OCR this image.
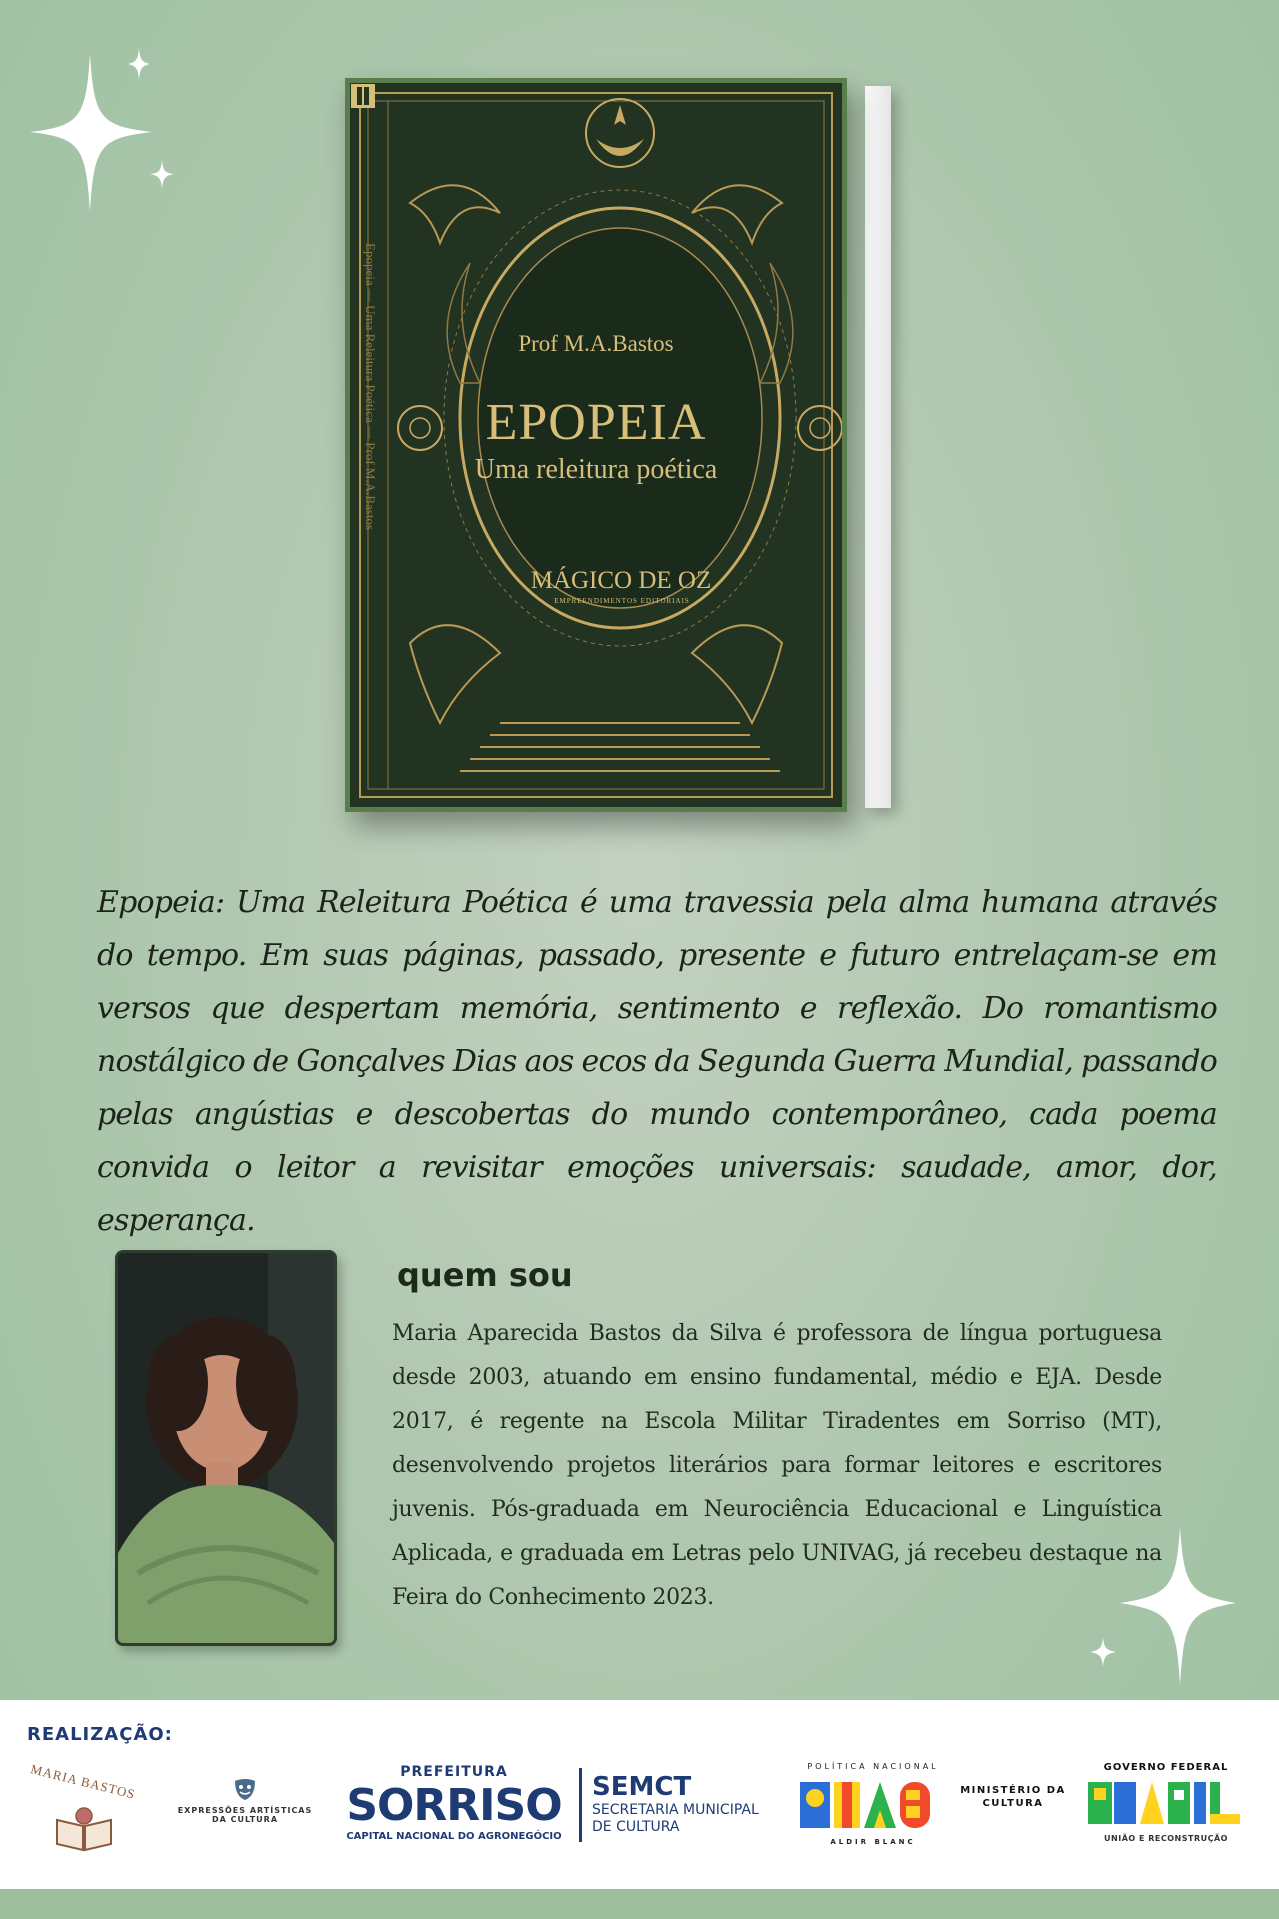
Epopeia — Uma Releitura Poética — Prof M.A.Bastos	Prof M.A.Bastos
EPOPEIA
Uma releitura poética
MÁGICO DE OZ
EMPREENDIMENTOS EDITORIAIS

Epopeia: Uma Releitura Poética é uma travessia pela alma humana através do tempo. Em suas páginas, passado, presente e futuro entrelaçam-se em versos que despertam memória, sentimento e reflexão. Do romantismo nostálgico de Gonçalves Dias aos ecos da Segunda Guerra Mundial, passando pelas angústias e descobertas do mundo contemporâneo, cada poema convida o leitor a revisitar emoções universais: saudade, amor, dor, esperança.

quem sou

Maria Aparecida Bastos da Silva é professora de língua portuguesa desde 2003, atuando em ensino fundamental, médio e EJA. Desde 2017, é regente na Escola Militar Tiradentes em Sorriso (MT), desenvolvendo projetos literários para formar leitores e escritores juvenis. Pós-graduada em Neurociência Educacional e Linguística Aplicada, e graduada em Letras pelo UNIVAG, já recebeu destaque na Feira do Conhecimento 2023.

REALIZAÇÃO:
MARIA BASTOS
EXPRESSÕES ARTÍSTICAS
DA CULTURA
PREFEITURA
SORRISO
CAPITAL NACIONAL DO AGRONEGÓCIO
SEMCT
SECRETARIA MUNICIPAL
DE CULTURA
POLÍTICA NACIONAL
ALDIR BLANC
MINISTÉRIO DA
CULTURA
GOVERNO FEDERAL
UNIÃO E RECONSTRUÇÃO
